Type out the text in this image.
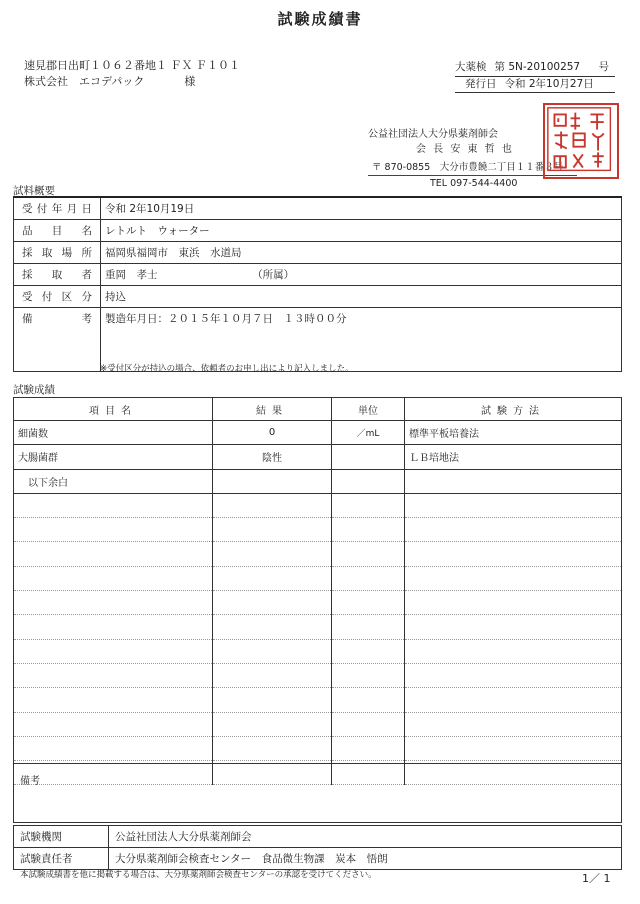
試験成績書
速見郡日出町１０６２番地１ ＦＸ Ｆ１０１
株式会社　エコデパック	様
大薬検 第 5N-20100257 号
発行日 令和 2年10月27日
公益社団法人大分県薬剤師会
会 長 安 東 哲 也
〒 870-0855　大分市豊饒二丁目１１番３号
TEL 097-544-4400
試料概要
受付年月日	令和 2年10月19日
品目名	レトルト　ウォーター
採取場所	福岡県福岡市　東浜　水道局
採取者	重岡　孝士 （所属）
受付区分	持込
備考	製造年月日：２０１５年１０月７日　１３時００分
※受付区分が持込の場合、依頼者のお申し出により記入しました。
試験成績
項目名	結果	単位	試験方法
細菌数	0	／mL	標準平板培養法
大腸菌群	陰性		ＬＢ培地法
以下余白			

備考
試験機関	公益社団法人大分県薬剤師会
試験責任者	大分県薬剤師会検査センター　食品微生物課　炭本　悟朗
本試験成績書を他に掲載する場合は、大分県薬剤師会検査センターの承認を受けてください。	1／ 1
